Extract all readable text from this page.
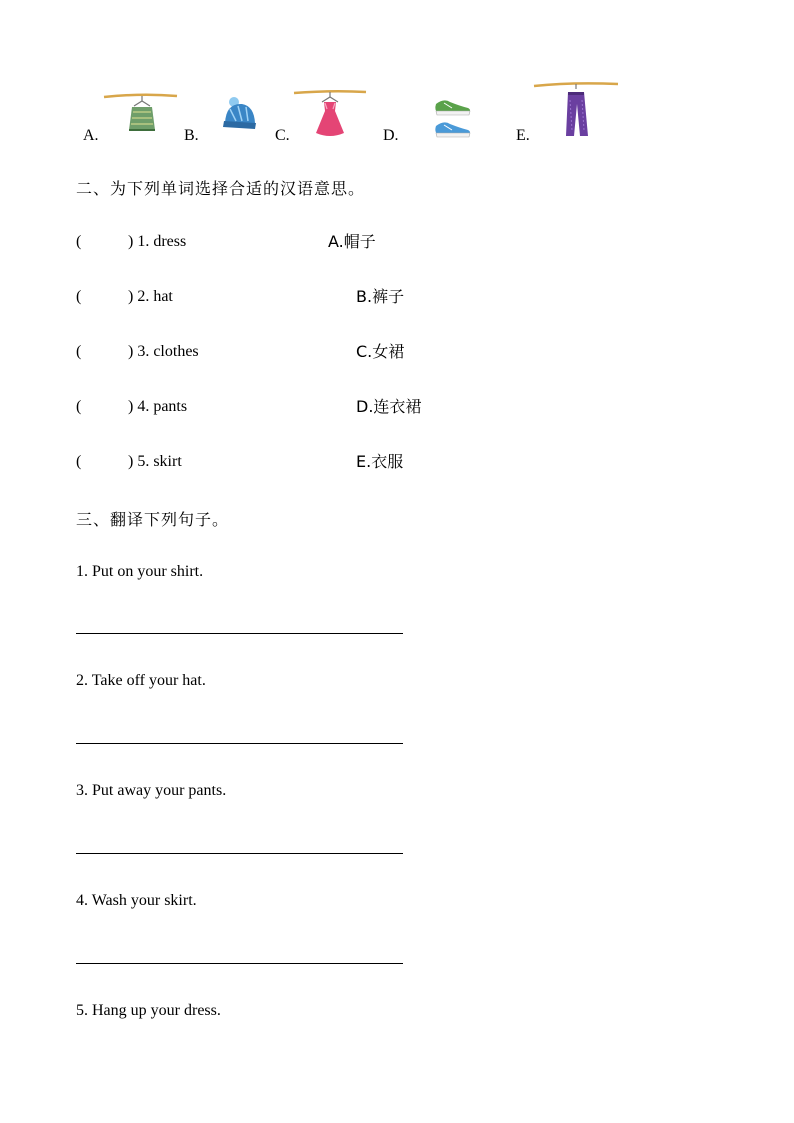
A.	B.	C.	D.	E.
二、为下列单词选择合适的汉语意思。
(	) 1. dress	A.帽子
(	) 2. hat	B.裤子
(	) 3. clothes	C.女裙
(	) 4. pants	D.连衣裙
(	) 5. skirt	E.衣服
三、翻译下列句子。
1. Put on your shirt.
2. Take off your hat.
3. Put away your pants.
4. Wash your skirt.
5. Hang up your dress.
